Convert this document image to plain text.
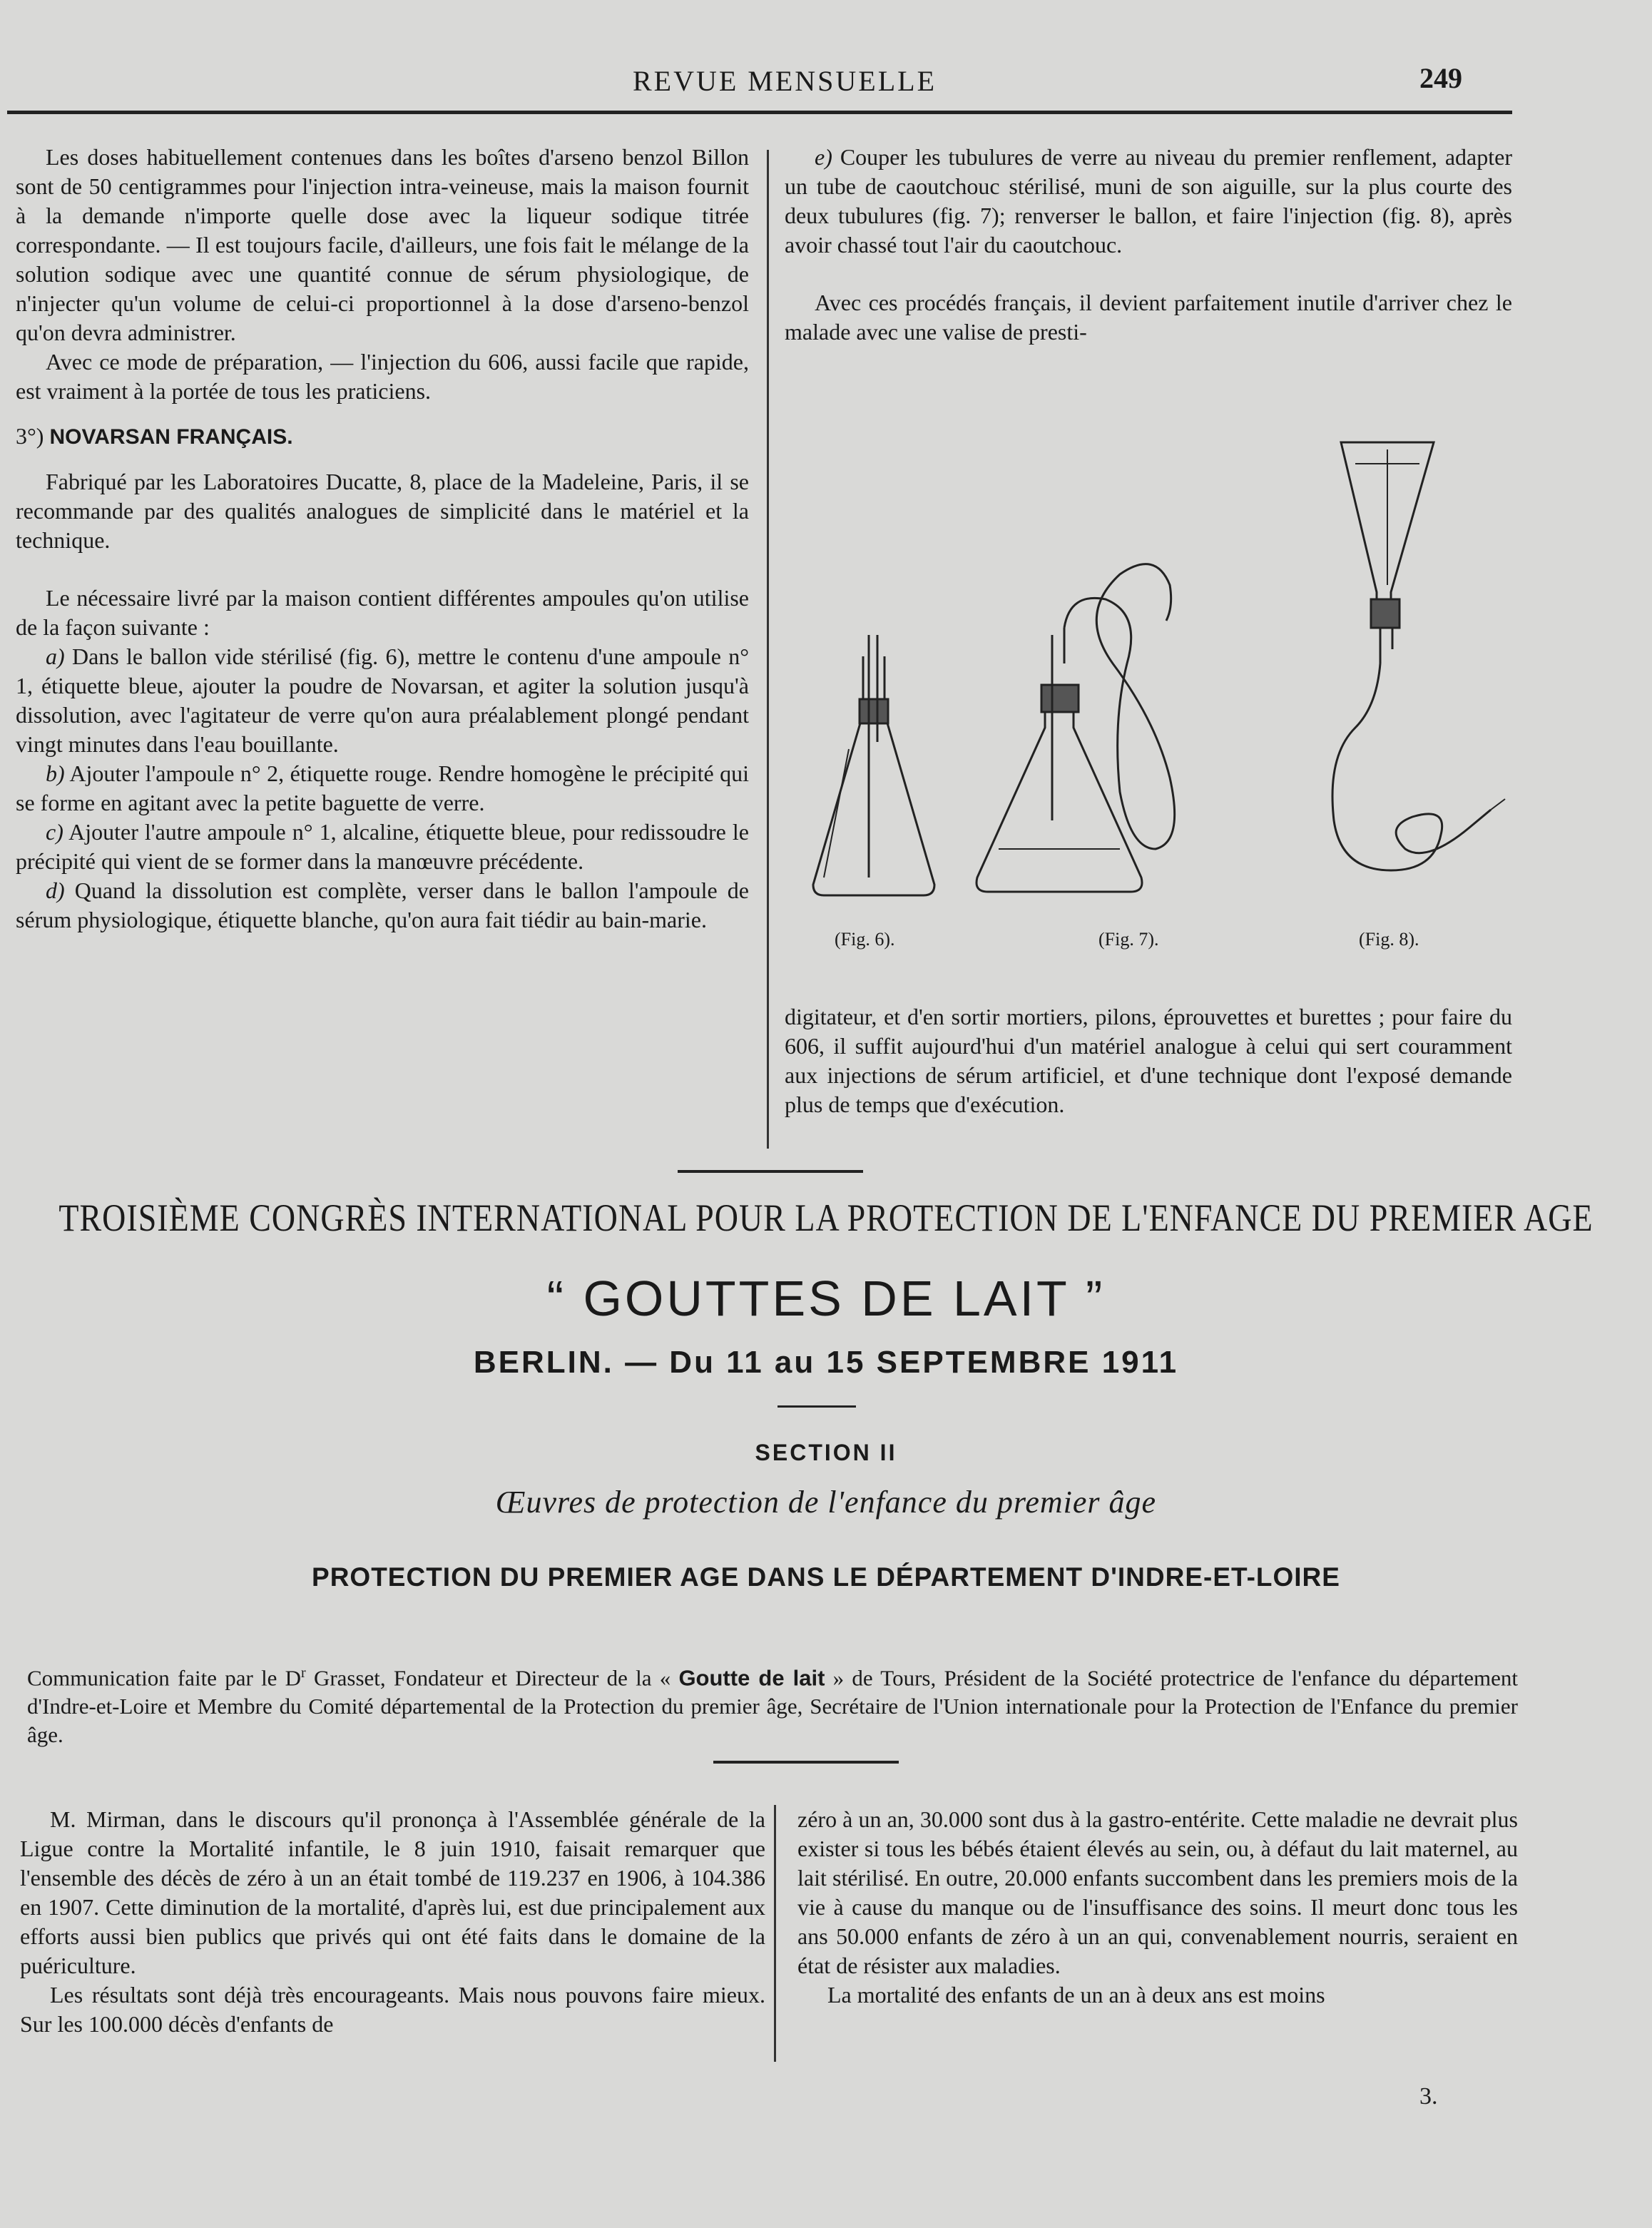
REVUE MENSUELLE	249

Les doses habituellement contenues dans les boîtes d'arseno benzol Billon sont de 50 centigrammes pour l'injection intra-veineuse, mais la maison fournit à la demande n'importe quelle dose avec la liqueur sodique titrée correspondante. — Il est toujours facile, d'ailleurs, une fois fait le mélange de la solution sodique avec une quantité connue de sérum physiologique, de n'injecter qu'un volume de celui-ci proportionnel à la dose d'arseno-benzol qu'on devra administrer.

Avec ce mode de préparation, — l'injection du 606, aussi facile que rapide, est vraiment à la portée de tous les praticiens.

3°) NOVARSAN FRANÇAIS.

Fabriqué par les Laboratoires Ducatte, 8, place de la Madeleine, Paris, il se recommande par des qualités analogues de simplicité dans le matériel et la technique.

Le nécessaire livré par la maison contient différentes ampoules qu'on utilise de la façon suivante :

a) Dans le ballon vide stérilisé (fig. 6), mettre le contenu d'une ampoule n° 1, étiquette bleue, ajouter la poudre de Novarsan, et agiter la solution jusqu'à dissolution, avec l'agitateur de verre qu'on aura préalablement plongé pendant vingt minutes dans l'eau bouillante.

b) Ajouter l'ampoule n° 2, étiquette rouge. Rendre homogène le précipité qui se forme en agitant avec la petite baguette de verre.

c) Ajouter l'autre ampoule n° 1, alcaline, étiquette bleue, pour redissoudre le précipité qui vient de se former dans la manœuvre précédente.

d) Quand la dissolution est complète, verser dans le ballon l'ampoule de sérum physiologique, étiquette blanche, qu'on aura fait tiédir au bain-marie.

e) Couper les tubulures de verre au niveau du premier renflement, adapter un tube de caoutchouc stérilisé, muni de son aiguille, sur la plus courte des deux tubulures (fig. 7); renverser le ballon, et faire l'injection (fig. 8), après avoir chassé tout l'air du caoutchouc.

Avec ces procédés français, il devient parfaitement inutile d'arriver chez le malade avec une valise de presti-

(Fig. 6).	(Fig. 7).	(Fig. 8).

digitateur, et d'en sortir mortiers, pilons, éprouvettes et burettes ; pour faire du 606, il suffit aujourd'hui d'un matériel analogue à celui qui sert couramment aux injections de sérum artificiel, et d'une technique dont l'exposé demande plus de temps que d'exécution.

TROISIÈME CONGRÈS INTERNATIONAL POUR LA PROTECTION DE L'ENFANCE DU PREMIER AGE
“ GOUTTES DE LAIT ”
BERLIN. — Du 11 au 15 SEPTEMBRE 1911
SECTION II
Œuvres de protection de l'enfance du premier âge
PROTECTION DU PREMIER AGE DANS LE DÉPARTEMENT D'INDRE-ET-LOIRE
Communication faite par le $D^r$ Grasset, Fondateur et Directeur de la « Goutte de lait » de Tours, Président de la Société protectrice de l'enfance du département d'Indre-et-Loire et Membre du Comité départemental de la Protection du premier âge, Secrétaire de l'Union internationale pour la Protection de l'Enfance du premier âge.

M. Mirman, dans le discours qu'il prononça à l'Assemblée générale de la Ligue contre la Mortalité infantile, le 8 juin 1910, faisait remarquer que l'ensemble des décès de zéro à un an était tombé de 119.237 en 1906, à 104.386 en 1907. Cette diminution de la mortalité, d'après lui, est due principalement aux efforts aussi bien publics que privés qui ont été faits dans le domaine de la puériculture.

Les résultats sont déjà très encourageants. Mais nous pouvons faire mieux. Sur les 100.000 décès d'enfants de

zéro à un an, 30.000 sont dus à la gastro-entérite. Cette maladie ne devrait plus exister si tous les bébés étaient élevés au sein, ou, à défaut du lait maternel, au lait stérilisé. En outre, 20.000 enfants succombent dans les premiers mois de la vie à cause du manque ou de l'insuffisance des soins. Il meurt donc tous les ans 50.000 enfants de zéro à un an qui, convenablement nourris, seraient en état de résister aux maladies.

La mortalité des enfants de un an à deux ans est moins

3.
